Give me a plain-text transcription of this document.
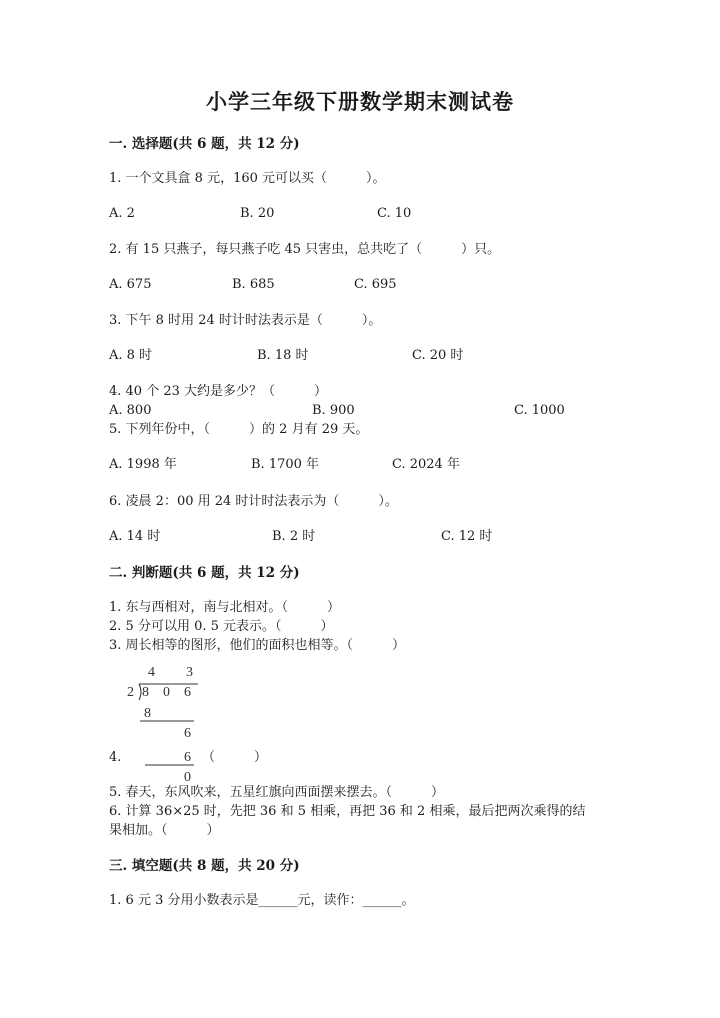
小学三年级下册数学期末测试卷
一. 选择题(共 6 题，共 12 分)
1. 一个文具盒 8 元，160 元可以买（　　　）。
A. 2	B. 20	C. 10
2. 有 15 只燕子，每只燕子吃 45 只害虫，总共吃了（　　　）只。
A. 675	B. 685	C. 695
3. 下午 8 时用 24 时计时法表示是（　　　）。
A. 8 时	B. 18 时	C. 20 时
4. 40 个 23 大约是多少？（　　　）
A. 800	B. 900	C. 1000
5. 下列年份中，（　　　）的 2 月有 29 天。
A. 1998 年	B. 1700 年	C. 2024 年
6. 凌晨 2：00 用 24 时计时法表示为（　　　）。
A. 14 时	B. 2 时	C. 12 时
二. 判断题(共 6 题，共 12 分)
1. 东与西相对，南与北相对。（　　　）
2. 5 分可以用 0. 5 元表示。（　　　）
3. 周长相等的图形，他们的面积也相等。（　　　）
4 3
2 8 0 6
8
6
6
0
4.	（　　　）
5. 春天，东风吹来，五星红旗向西面摆来摆去。（　　　）
6. 计算 36×25 时，先把 36 和 5 相乘，再把 36 和 2 相乘，最后把两次乘得的结
果相加。（　　　）
三. 填空题(共 8 题，共 20 分)
1. 6 元 3 分用小数表示是______元，读作：______。
